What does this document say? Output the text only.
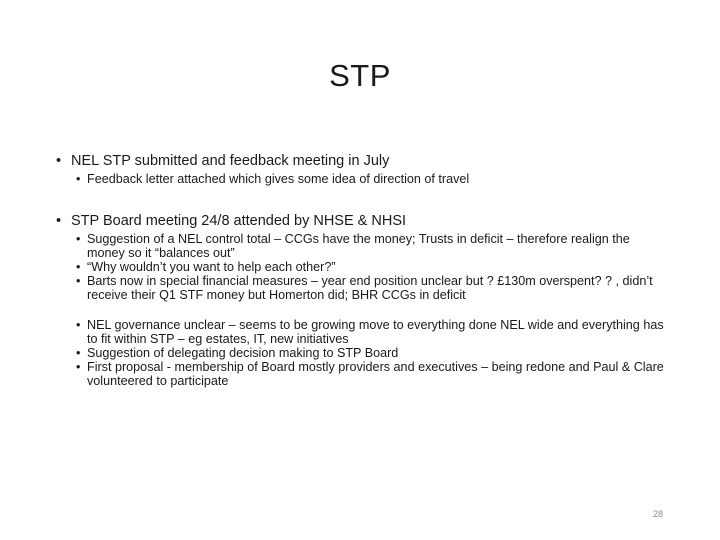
STP

• NEL STP submitted and feedback meeting in July

• Feedback letter attached which gives some idea of direction of travel

• STP Board meeting 24/8 attended by NHSE & NHSI

• Suggestion of a NEL control total – CCGs have the money; Trusts in deficit – therefore realign the money so it “balances out”
• “Why wouldn’t you want to help each other?”
• Barts now in special financial measures – year end position unclear but ? £130m overspent? ? , didn’t receive their Q1 STF money but Homerton did; BHR CCGs in deficit
• NEL governance unclear – seems to be growing move to everything done NEL wide and everything has to fit within STP – eg estates, IT, new initiatives
• Suggestion of delegating decision making to STP Board
• First proposal - membership of Board mostly providers and executives – being redone and Paul & Clare volunteered to participate
28
